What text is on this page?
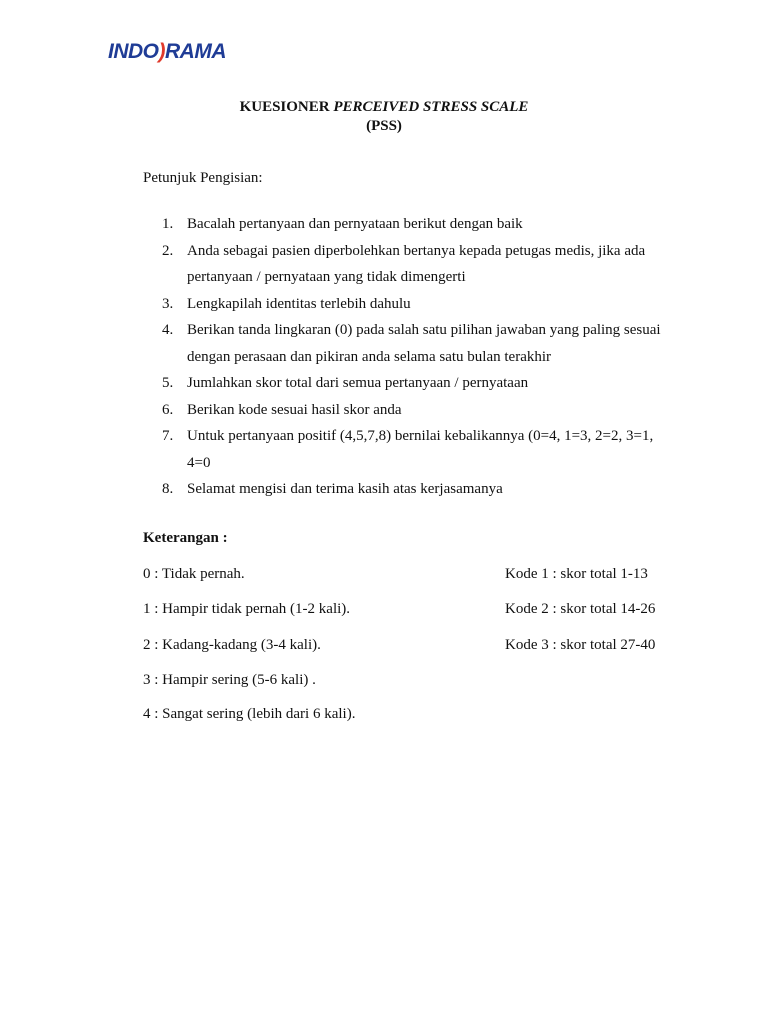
INDO)RAMA
KUESIONER PERCEIVED STRESS SCALE
(PSS)
Petunjuk Pengisian:
1. Bacalah pertanyaan dan pernyataan berikut dengan baik
2. Anda sebagai pasien diperbolehkan bertanya kepada petugas medis, jika ada pertanyaan / pernyataan yang tidak dimengerti
3. Lengkapilah identitas terlebih dahulu
4. Berikan tanda lingkaran (0) pada salah satu pilihan jawaban yang paling sesuai dengan perasaan dan pikiran anda selama satu bulan terakhir
5. Jumlahkan skor total dari semua pertanyaan / pernyataan
6. Berikan kode sesuai hasil skor anda
7. Untuk pertanyaan positif (4,5,7,8) bernilai kebalikannya (0=4, 1=3, 2=2, 3=1, 4=0
8. Selamat mengisi dan terima kasih atas kerjasamanya
Keterangan :
0 : Tidak pernah.
1 : Hampir tidak pernah (1-2 kali).
2 : Kadang-kadang (3-4 kali).
3 : Hampir sering (5-6 kali) .
4 : Sangat sering (lebih dari 6 kali).
Kode 1 : skor total 1-13
Kode 2 : skor total 14-26
Kode 3 : skor total 27-40
